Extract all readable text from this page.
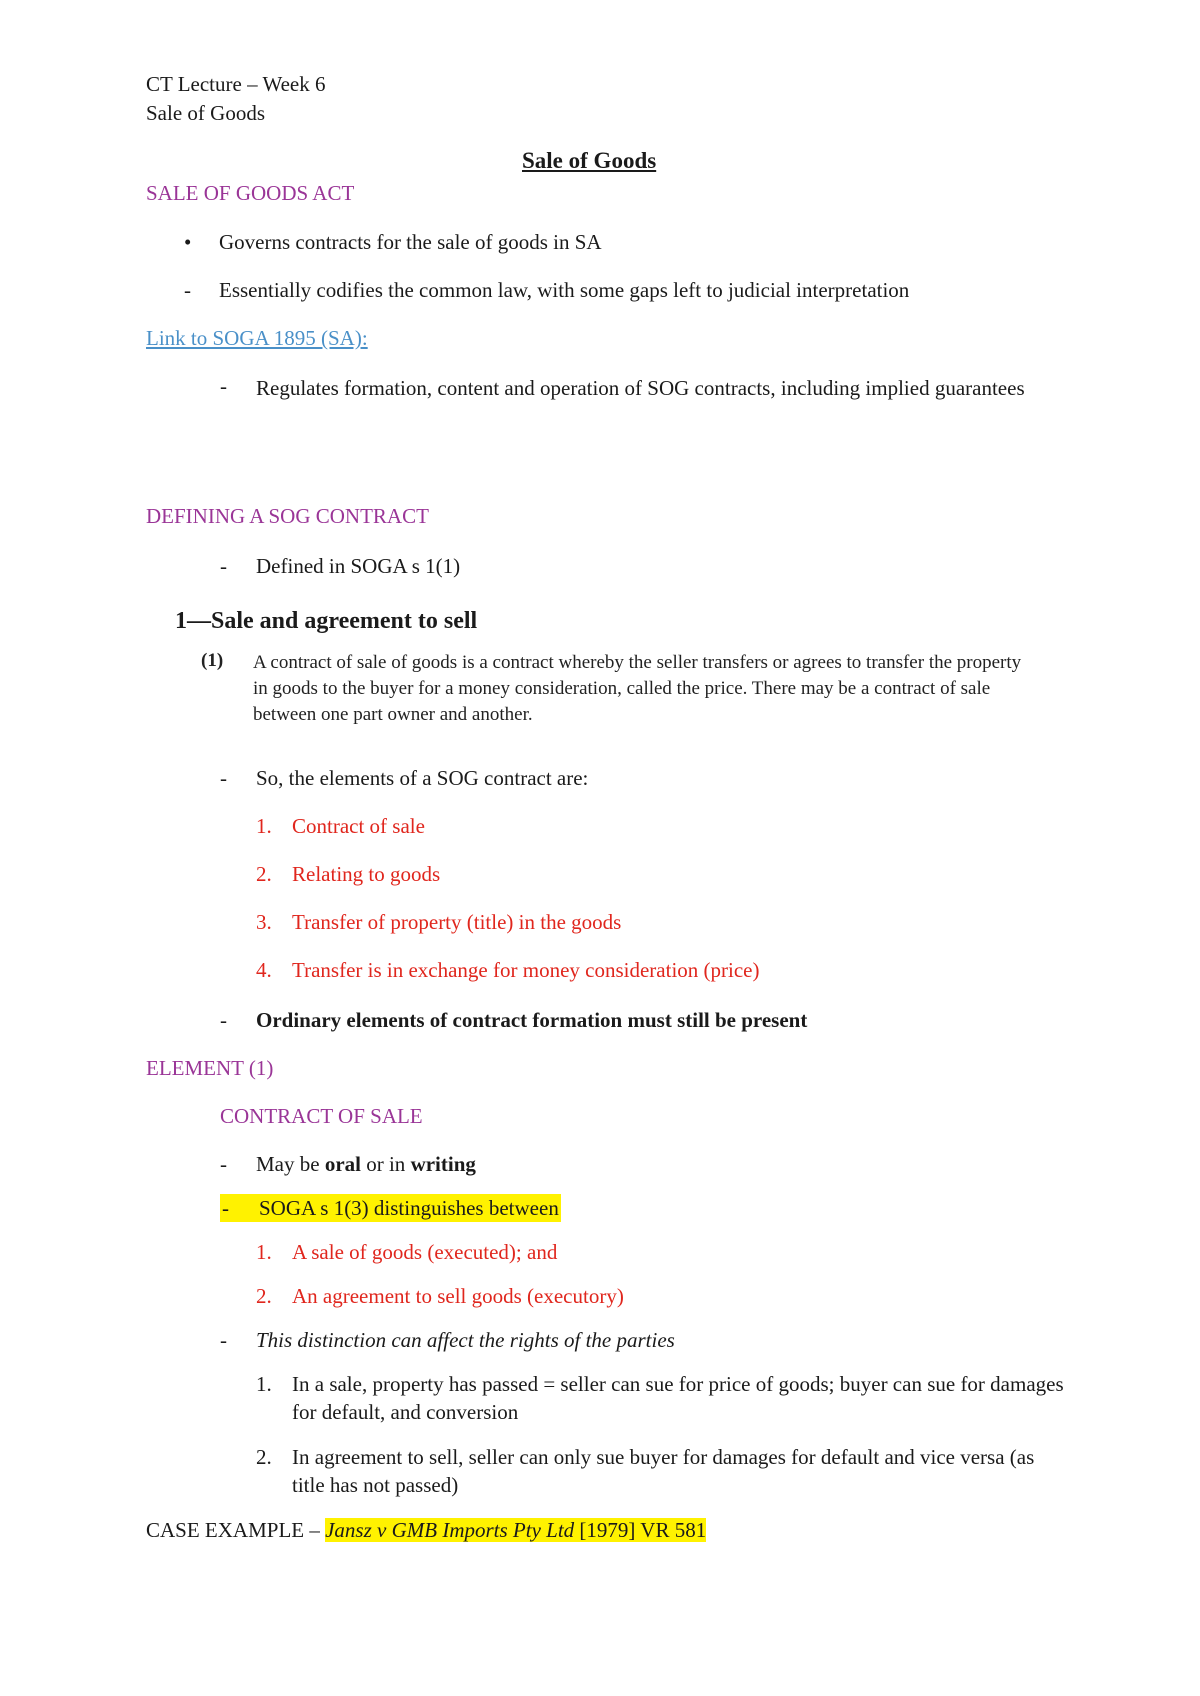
CT Lecture – Week 6
Sale of Goods
Sale of Goods
SALE OF GOODS ACT
• Governs contracts for the sale of goods in SA
- Essentially codifies the common law, with some gaps left to judicial interpretation
Link to SOGA 1895 (SA):
- Regulates formation, content and operation of SOG contracts, including implied guarantees
DEFINING A SOG CONTRACT
- Defined in SOGA s 1(1)
1—Sale and agreement to sell
(1) A contract of sale of goods is a contract whereby the seller transfers or agrees to transfer the property in goods to the buyer for a money consideration, called the price. There may be a contract of sale between one part owner and another.
- So, the elements of a SOG contract are:
1. Contract of sale
2. Relating to goods
3. Transfer of property (title) in the goods
4. Transfer is in exchange for money consideration (price)
- Ordinary elements of contract formation must still be present
ELEMENT (1)
CONTRACT OF SALE
- May be oral or in writing
- SOGA s 1(3) distinguishes between
1. A sale of goods (executed); and
2. An agreement to sell goods (executory)
- This distinction can affect the rights of the parties
1. In a sale, property has passed = seller can sue for price of goods; buyer can sue for damages for default, and conversion
2. In agreement to sell, seller can only sue buyer for damages for default and vice versa (as title has not passed)
CASE EXAMPLE – Jansz v GMB Imports Pty Ltd [1979] VR 581
